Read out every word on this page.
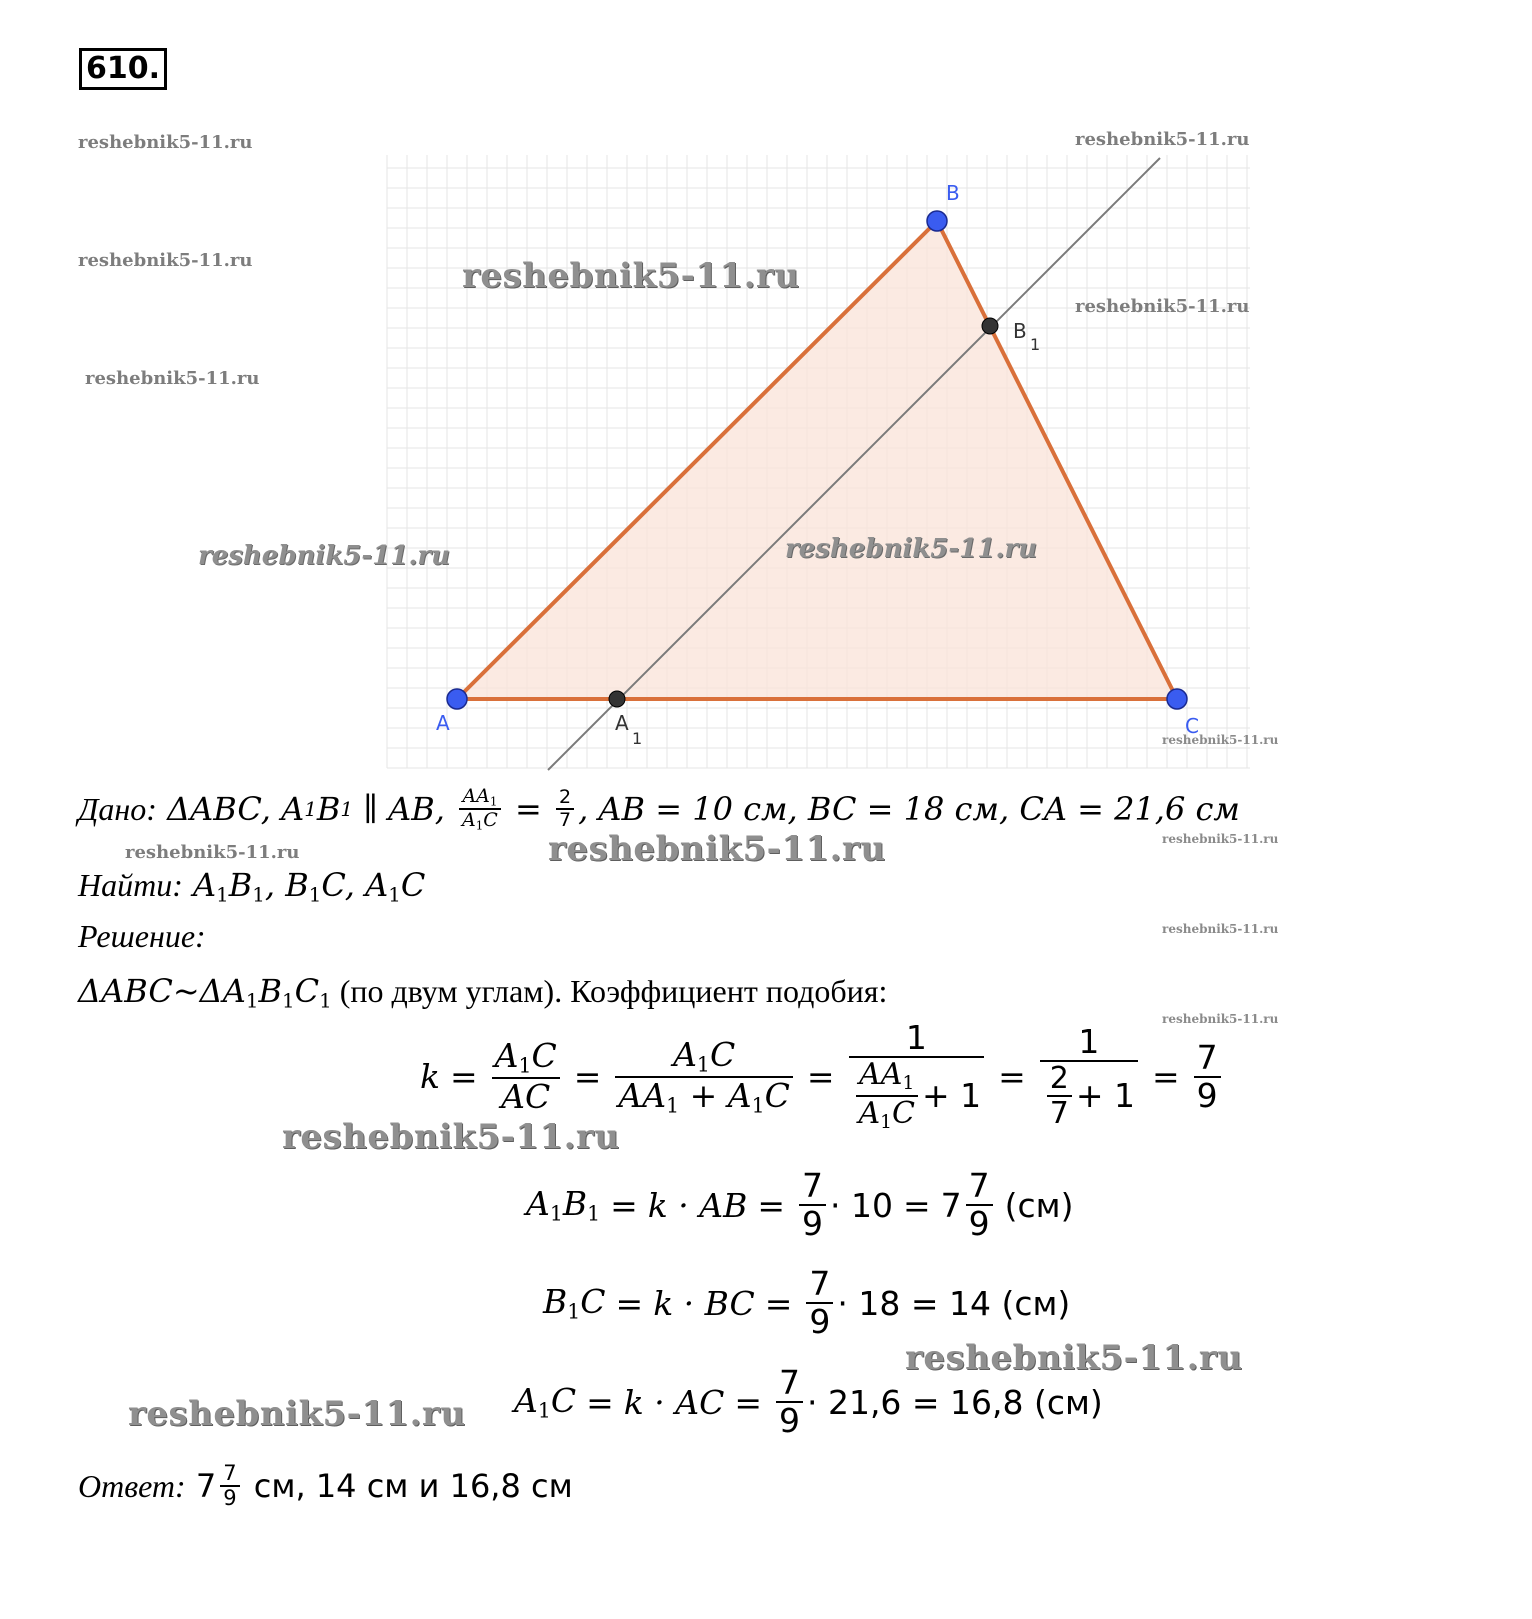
610.
A
B
C
A
1
B
1
reshebnik5-11.ru	reshebnik5-11.ru
reshebnik5-11.ru
reshebnik5-11.ru
reshebnik5-11.ru
reshebnik5-11.ru
reshebnik5-11.ru	reshebnik5-11.ru
reshebnik5-11.ru
reshebnik5-11.ru	reshebnik5-11.ru	reshebnik5-11.ru
reshebnik5-11.ru
reshebnik5-11.ru
reshebnik5-11.ru
reshebnik5-11.ru
reshebnik5-11.ru
Дано:
ΔABC, A 1 B 1 ∥ AB, $\frac{AA_1}{A_1C} = \frac{2}{7}$ , AB = 10 см, BC = 18 см, CA = 21,6 см
Найти: $A_1B_1$, $B_1C$, $A_1C$
Решение:
$\Delta ABC\sim\Delta A_1B_1C_1$ (по двум углам). Коэффициент подобия:
$k = \frac{A_1C}{AC} = \frac{A_1C}{AA_1 + A_1C} = \frac{1}{\frac{AA_1}{A_1C} + 1} = \frac{1}{\frac{2}{7} + 1} = \frac{7}{9}$
$A_1B_1 = k$ · AB = $\frac{7}{9} \cdot 10 = 7 \frac{7}{9} (см)$
$B_1C = k$ · BC = $\frac{7}{9} \cdot 18 = 14$ (см)
$A_1C = k$ · AC = $\frac{7}{9} \cdot 21,6 = 16,8$ (см)
Ответ:
$7 \frac{7}{9}$ см, 14 см и 16,8 см
